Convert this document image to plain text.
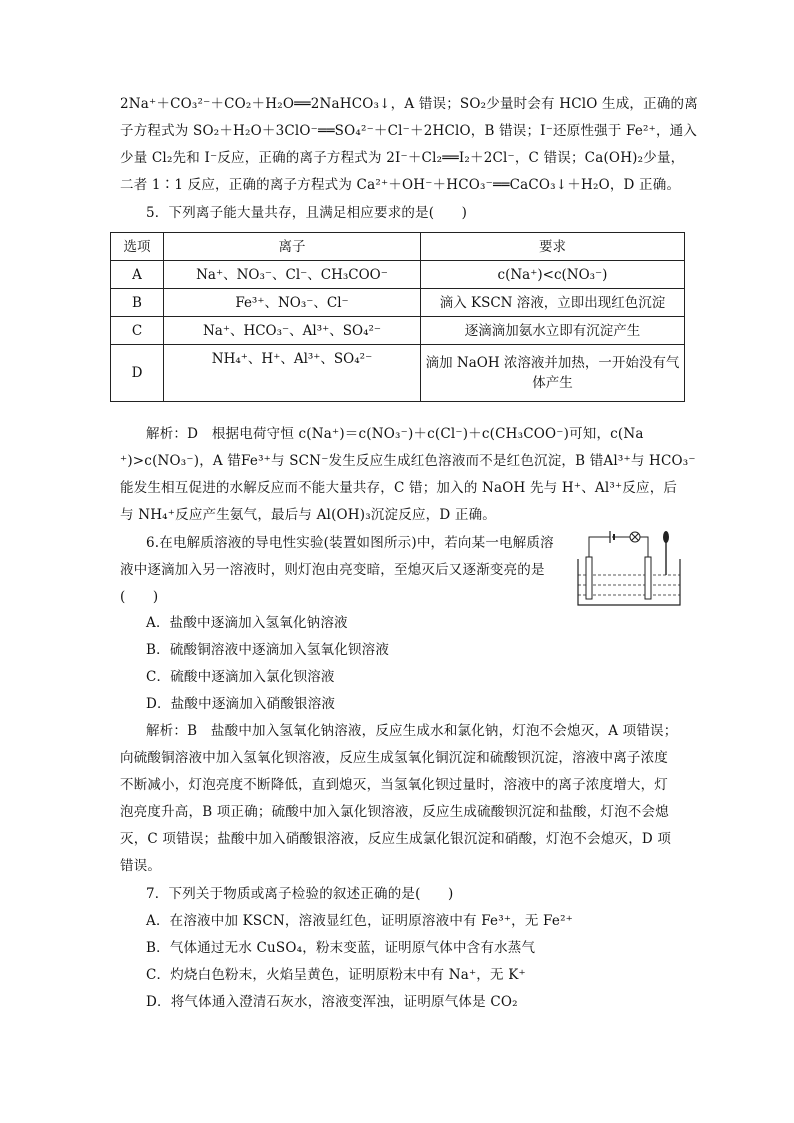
2Na⁺＋CO₃²⁻＋CO₂＋H₂O══2NaHCO₃↓，A 错误；SO₂少量时会有 HClO 生成，正确的离
子方程式为 SO₂＋H₂O＋3ClO⁻══SO₄²⁻＋Cl⁻＋2HClO，B 错误；I⁻还原性强于 Fe²⁺，通入
少量 Cl₂先和 I⁻反应，正确的离子方程式为 2I⁻＋Cl₂══I₂＋2Cl⁻，C 错误；Ca(OH)₂少量，
二者 1∶1 反应，正确的离子方程式为 Ca²⁺＋OH⁻＋HCO₃⁻══CaCO₃↓＋H₂O，D 正确。
5．下列离子能大量共存，且满足相应要求的是(　　)
选项	离子	要求
A	Na⁺、NO₃⁻、Cl⁻、CH₃COO⁻	c(Na⁺)<c(NO₃⁻)
B	Fe³⁺、NO₃⁻、Cl⁻	滴入 KSCN 溶液，立即出现红色沉淀
C	Na⁺、HCO₃⁻、Al³⁺、SO₄²⁻	逐滴滴加氨水立即有沉淀产生
D	NH₄⁺、H⁺、Al³⁺、SO₄²⁻	滴加 NaOH 浓溶液并加热，一开始没有气体产生
解析：D　根据电荷守恒 c(Na⁺)＝c(NO₃⁻)＋c(Cl⁻)＋c(CH₃COO⁻)可知，c(Na
⁺)>c(NO₃⁻)，A 错Fe³⁺与 SCN⁻发生反应生成红色溶液而不是红色沉淀，B 错Al³⁺与 HCO₃⁻
能发生相互促进的水解反应而不能大量共存，C 错；加入的 NaOH 先与 H⁺、Al³⁺反应，后
与 NH₄⁺反应产生氨气，最后与 Al(OH)₃沉淀反应，D 正确。
6.在电解质溶液的导电性实验(装置如图所示)中，若向某一电解质溶
液中逐滴加入另一溶液时，则灯泡由亮变暗，至熄灭后又逐渐变亮的是
(　　)
A．盐酸中逐滴加入氢氧化钠溶液
B．硫酸铜溶液中逐滴加入氢氧化钡溶液
C．硫酸中逐滴加入氯化钡溶液
D．盐酸中逐滴加入硝酸银溶液
解析：B　盐酸中加入氢氧化钠溶液，反应生成水和氯化钠，灯泡不会熄灭，A 项错误；
向硫酸铜溶液中加入氢氧化钡溶液，反应生成氢氧化铜沉淀和硫酸钡沉淀，溶液中离子浓度
不断减小，灯泡亮度不断降低，直到熄灭，当氢氧化钡过量时，溶液中的离子浓度增大，灯
泡亮度升高，B 项正确；硫酸中加入氯化钡溶液，反应生成硫酸钡沉淀和盐酸，灯泡不会熄
灭，C 项错误；盐酸中加入硝酸银溶液，反应生成氯化银沉淀和硝酸，灯泡不会熄灭，D 项
错误。
7．下列关于物质或离子检验的叙述正确的是(　　)
A．在溶液中加 KSCN，溶液显红色，证明原溶液中有 Fe³⁺，无 Fe²⁺
B．气体通过无水 CuSO₄，粉末变蓝，证明原气体中含有水蒸气
C．灼烧白色粉末，火焰呈黄色，证明原粉末中有 Na⁺，无 K⁺
D．将气体通入澄清石灰水，溶液变浑浊，证明原气体是 CO₂
